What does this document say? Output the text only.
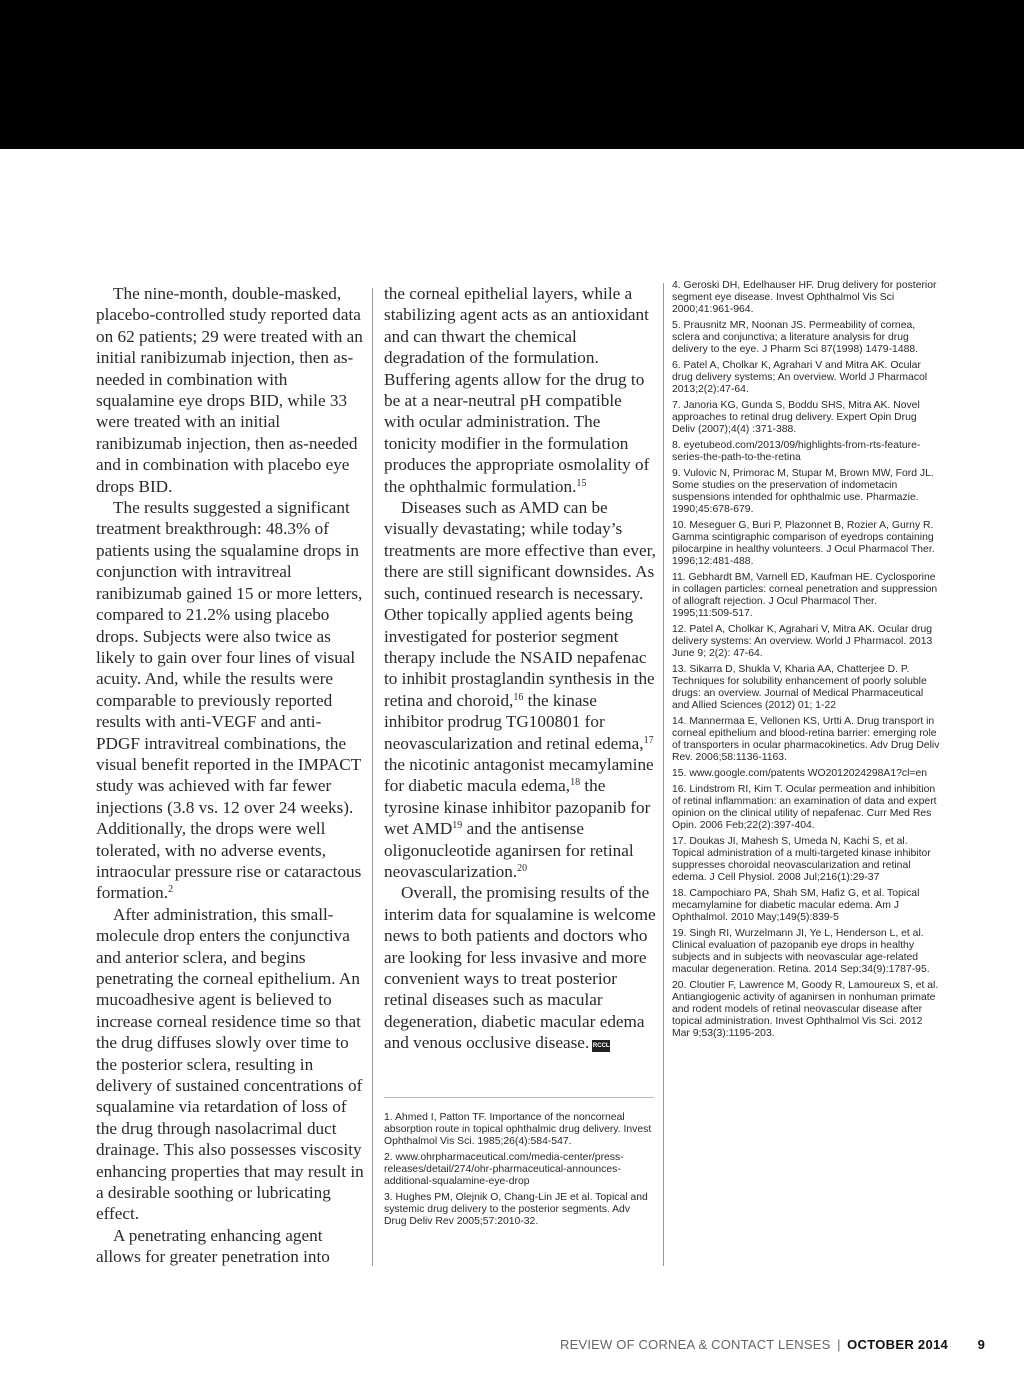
The nine-month, double-masked, placebo-controlled study reported data on 62 patients; 29 were treated with an initial ranibizumab injection, then as-needed in combination with squalamine eye drops BID, while 33 were treated with an initial ranibizumab injection, then as-needed and in combination with placebo eye drops BID.

The results suggested a significant treatment breakthrough: 48.3% of patients using the squalamine drops in conjunction with intravitreal ranibizumab gained 15 or more letters, compared to 21.2% using placebo drops. Subjects were also twice as likely to gain over four lines of visual acuity. And, while the results were comparable to previously reported results with anti-VEGF and anti-PDGF intravitreal combinations, the visual benefit reported in the IMPACT study was achieved with far fewer injections (3.8 vs. 12 over 24 weeks). Additionally, the drops were well tolerated, with no adverse events, intraocular pressure rise or cataractous formation.$^2$

After administration, this small-molecule drop enters the conjunctiva and anterior sclera, and begins penetrating the corneal epithelium. An mucoadhesive agent is believed to increase corneal residence time so that the drug diffuses slowly over time to the posterior sclera, resulting in delivery of sustained concentrations of squalamine via retardation of loss of the drug through nasolacrimal duct drainage. This also possesses viscosity enhancing properties that may result in a desirable soothing or lubricating effect.

A penetrating enhancing agent allows for greater penetration into

the corneal epithelial layers, while a stabilizing agent acts as an antioxidant and can thwart the chemical degradation of the formulation. Buffering agents allow for the drug to be at a near-neutral pH compatible with ocular administration. The tonicity modifier in the formulation produces the appropriate osmolality of the ophthalmic formulation.$^{15}$

Diseases such as AMD can be visually devastating; while today’s treatments are more effective than ever, there are still significant downsides. As such, continued research is necessary. Other topically applied agents being investigated for posterior segment therapy include the NSAID nepafenac to inhibit prostaglandin synthesis in the retina and choroid,$^{16}$ the kinase inhibitor prodrug TG100801 for neovascularization and retinal edema,$^{17}$ the nicotinic antagonist mecamylamine for diabetic macula edema,$^{18}$ the tyrosine kinase inhibitor pazopanib for wet AMD$^{19}$ and the antisense oligonucleotide aganirsen for retinal neovascularization.$^{20}$

Overall, the promising results of the interim data for squalamine is welcome news to both patients and doctors who are looking for less invasive and more convenient ways to treat posterior retinal diseases such as macular degeneration, diabetic macular edema and venous occlusive disease. RCCL

1. Ahmed I, Patton TF. Importance of the noncorneal absorption route in topical ophthalmic drug delivery. Invest Ophthalmol Vis Sci. 1985;26(4):584-547.

2. www.ohrpharmaceutical.com/media-center/press-releases/detail/274/ohr-pharmaceutical-announces-additional-squalamine-eye-drop

3. Hughes PM, Olejnik O, Chang-Lin JE et al. Topical and systemic drug delivery to the posterior segments. Adv Drug Deliv Rev 2005;57:2010-32.

4. Geroski DH, Edelhauser HF. Drug delivery for posterior segment eye disease. Invest Ophthalmol Vis Sci 2000;41:961-964.

5. Prausnitz MR, Noonan JS. Permeability of cornea, sclera and conjunctiva; a literature analysis for drug delivery to the eye. J Pharm Sci 87(1998) 1479-1488.

6. Patel A, Cholkar K, Agrahari V and Mitra AK. Ocular drug delivery systems; An overview. World J Pharmacol 2013;2(2):47-64.

7. Janoria KG, Gunda S, Boddu SHS, Mitra AK. Novel approaches to retinal drug delivery. Expert Opin Drug Deliv (2007);4(4) :371-388.

8. eyetubeod.com/2013/09/highlights-from-rts-feature-series-the-path-to-the-retina

9. Vulovic N, Primorac M, Stupar M, Brown MW, Ford JL. Some studies on the preservation of indometacin suspensions intended for ophthalmic use. Pharmazie. 1990;45:678-679.

10. Meseguer G, Buri P, Plazonnet B, Rozier A, Gurny R. Gamma scintigraphic comparison of eyedrops containing pilocarpine in healthy volunteers. J Ocul Pharmacol Ther. 1996;12:481-488.

11. Gebhardt BM, Varnell ED, Kaufman HE. Cyclosporine in collagen particles: corneal penetration and suppression of allograft rejection. J Ocul Pharmacol Ther. 1995;11:509-517.

12. Patel A, Cholkar K, Agrahari V, Mitra AK. Ocular drug delivery systems: An overview. World J Pharmacol. 2013 June 9; 2(2): 47-64.

13. Sikarra D, Shukla V, Kharia AA, Chatterjee D. P. Techniques for solubility enhancement of poorly soluble drugs: an overview. Journal of Medical Pharmaceutical and Allied Sciences (2012) 01; 1-22

14. Mannermaa E, Vellonen KS, Urtti A. Drug transport in corneal epithelium and blood-retina barrier: emerging role of transporters in ocular pharmacokinetics. Adv Drug Deliv Rev. 2006;58:1136-1163.

15. www.google.com/patents WO2012024298A1?cl=en

16. Lindstrom RI, Kim T. Ocular permeation and inhibition of retinal inflammation: an examination of data and expert opinion on the clinical utility of nepafenac. Curr Med Res Opin. 2006 Feb;22(2):397-404.

17. Doukas JI, Mahesh S, Umeda N, Kachi S, et al. Topical administration of a multi-targeted kinase inhibitor suppresses choroidal neovascularization and retinal edema. J Cell Physiol. 2008 Jul;216(1):29-37

18. Campochiaro PA, Shah SM, Hafiz G, et al. Topical mecamylamine for diabetic macular edema. Am J Ophthalmol. 2010 May;149(5):839-5

19. Singh RI, Wurzelmann JI, Ye L, Henderson L, et al. Clinical evaluation of pazopanib eye drops in healthy subjects and in subjects with neovascular age-related macular degeneration. Retina. 2014 Sep;34(9):1787-95.

20. Cloutier F, Lawrence M, Goody R, Lamoureux S, et al. Antiangiogenic activity of aganirsen in nonhuman primate and rodent models of retinal neovascular disease after topical administration. Invest Ophthalmol Vis Sci. 2012 Mar 9;53(3):1195-203.

REVIEW OF CORNEA & CONTACT LENSES | OCTOBER 2014 9
